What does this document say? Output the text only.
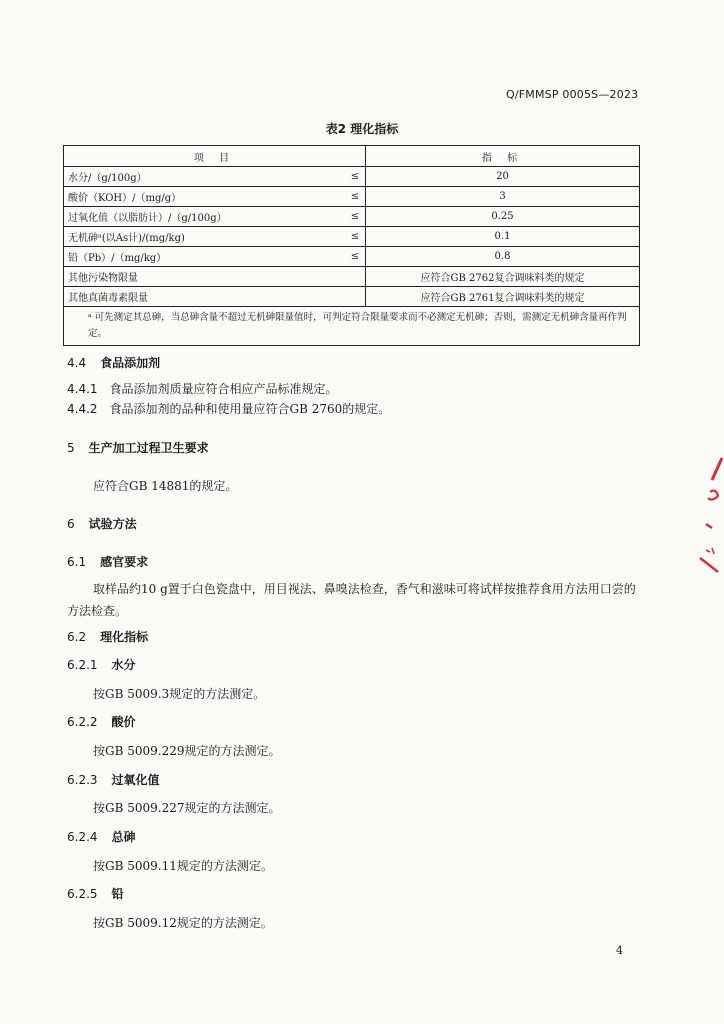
Q/FMMSP 0005S—2023
表2 理化指标
项 目		指 标
水分/（g/100g）	≤	20
酸价（KOH）/（mg/g）	≤	3
过氧化值（以脂肪计）/（g/100g）	≤	0.25
无机砷ᵃ(以As计)/(mg/kg)	≤	0.1
铅（Pb）/（mg/kg）	≤	0.8
其他污染物限量		应符合GB 2762复合调味料类的规定
其他真菌毒素限量		应符合GB 2761复合调味料类的规定
ᵃ 可先测定其总砷，当总砷含量不超过无机砷限量值时，可判定符合限量要求而不必测定无机砷；否则，需测定无机砷含量再作判定。		
4.4 食品添加剂
4.4.1 食品添加剂质量应符合相应产品标准规定。
4.4.2 食品添加剂的品种和使用量应符合GB 2760的规定。
5 生产加工过程卫生要求
应符合GB 14881的规定。
6 试验方法
6.1 感官要求
取样品约10 g置于白色瓷盘中，用目视法、鼻嗅法检查，香气和滋味可将试样按推荐食用方法用口尝的方法检查。
6.2 理化指标
6.2.1 水分
按GB 5009.3规定的方法测定。
6.2.2 酸价
按GB 5009.229规定的方法测定。
6.2.3 过氧化值
按GB 5009.227规定的方法测定。
6.2.4 总砷
按GB 5009.11规定的方法测定。
6.2.5 铅
按GB 5009.12规定的方法测定。
4
